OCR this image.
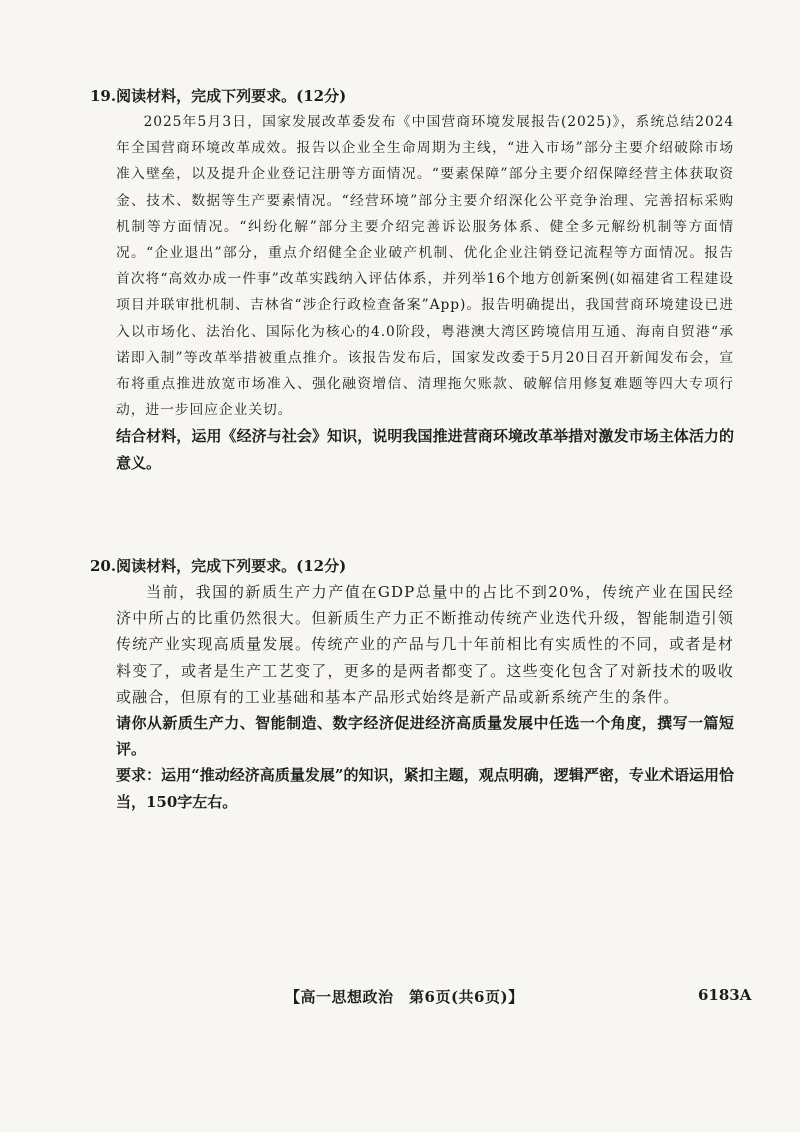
19.阅读材料，完成下列要求。(12分)

2025年5月3日，国家发展改革委发布《中国营商环境发展报告(2025)》，系统总结2024年全国营商环境改革成效。报告以企业全生命周期为主线，“进入市场”部分主要介绍破除市场准入壁垒，以及提升企业登记注册等方面情况。“要素保障”部分主要介绍保障经营主体获取资金、技术、数据等生产要素情况。“经营环境”部分主要介绍深化公平竞争治理、完善招标采购机制等方面情况。“纠纷化解”部分主要介绍完善诉讼服务体系、健全多元解纷机制等方面情况。“企业退出”部分，重点介绍健全企业破产机制、优化企业注销登记流程等方面情况。报告首次将“高效办成一件事”改革实践纳入评估体系，并列举16个地方创新案例(如福建省工程建设项目并联审批机制、吉林省“涉企行政检查备案”App)。报告明确提出，我国营商环境建设已进入以市场化、法治化、国际化为核心的4.0阶段，粤港澳大湾区跨境信用互通、海南自贸港“承诺即入制”等改革举措被重点推介。该报告发布后，国家发改委于5月20日召开新闻发布会，宣布将重点推进放宽市场准入、强化融资增信、清理拖欠账款、破解信用修复难题等四大专项行动，进一步回应企业关切。

结合材料，运用《经济与社会》知识，说明我国推进营商环境改革举措对激发市场主体活力的意义。

20.阅读材料，完成下列要求。(12分)

当前，我国的新质生产力产值在GDP总量中的占比不到20%，传统产业在国民经济中所占的比重仍然很大。但新质生产力正不断推动传统产业迭代升级，智能制造引领传统产业实现高质量发展。传统产业的产品与几十年前相比有实质性的不同，或者是材料变了，或者是生产工艺变了，更多的是两者都变了。这些变化包含了对新技术的吸收或融合，但原有的工业基础和基本产品形式始终是新产品或新系统产生的条件。

请你从新质生产力、智能制造、数字经济促进经济高质量发展中任选一个角度，撰写一篇短评。

要求：运用“推动经济高质量发展”的知识，紧扣主题，观点明确，逻辑严密，专业术语运用恰当，150字左右。

【高一思想政治　第6页(共6页)】	6183A
